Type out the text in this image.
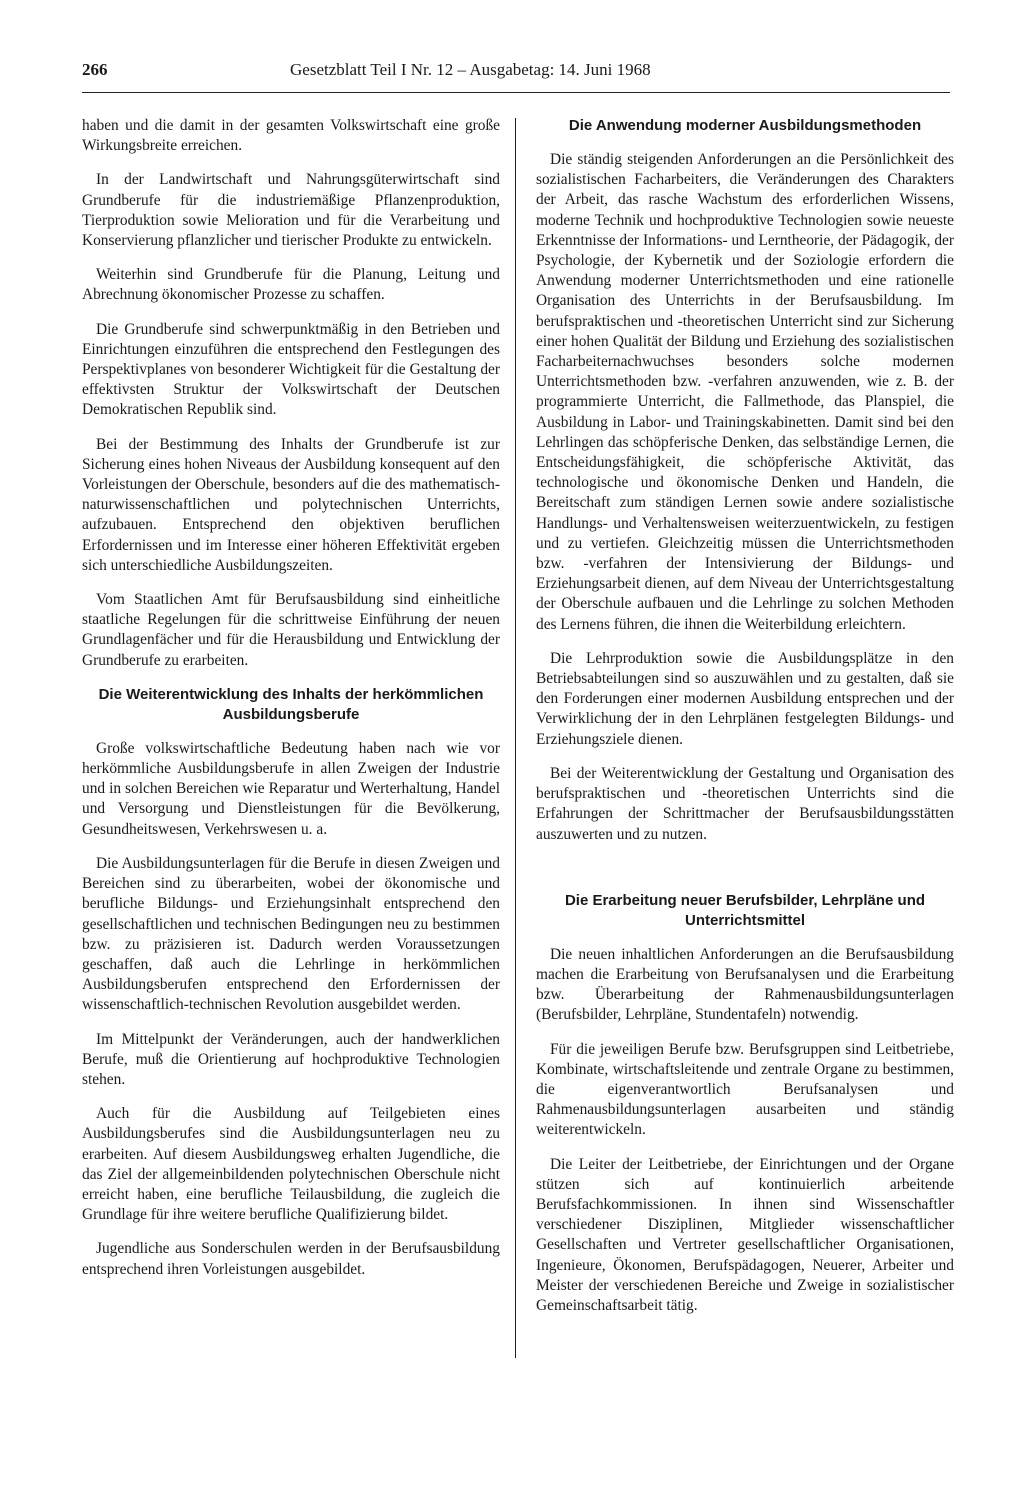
266	Gesetzblatt Teil I Nr. 12 – Ausgabetag: 14. Juni 1968

haben und die damit in der gesamten Volkswirtschaft eine große Wirkungsbreite erreichen.

In der Landwirtschaft und Nahrungsgüterwirtschaft sind Grundberufe für die industriemäßige Pflanzenproduktion, Tierproduktion sowie Melioration und für die Verarbeitung und Konservierung pflanzlicher und tierischer Produkte zu entwickeln.

Weiterhin sind Grundberufe für die Planung, Leitung und Abrechnung ökonomischer Prozesse zu schaffen.

Die Grundberufe sind schwerpunktmäßig in den Betrieben und Einrichtungen einzuführen die entsprechend den Festlegungen des Perspektivplanes von besonderer Wichtigkeit für die Gestaltung der effektivsten Struktur der Volkswirtschaft der Deutschen Demokratischen Republik sind.

Bei der Bestimmung des Inhalts der Grundberufe ist zur Sicherung eines hohen Niveaus der Ausbildung konsequent auf den Vorleistungen der Oberschule, besonders auf die des mathematisch-naturwissenschaftlichen und polytechnischen Unterrichts, aufzubauen. Entsprechend den objektiven beruflichen Erfordernissen und im Interesse einer höheren Effektivität ergeben sich unterschiedliche Ausbildungszeiten.

Vom Staatlichen Amt für Berufsausbildung sind einheitliche staatliche Regelungen für die schrittweise Einführung der neuen Grundlagenfächer und für die Herausbildung und Entwicklung der Grundberufe zu erarbeiten.

Die Weiterentwicklung des Inhalts der herkömmlichen Ausbildungsberufe

Große volkswirtschaftliche Bedeutung haben nach wie vor herkömmliche Ausbildungsberufe in allen Zweigen der Industrie und in solchen Bereichen wie Reparatur und Werterhaltung, Handel und Versorgung und Dienstleistungen für die Bevölkerung, Gesundheitswesen, Verkehrswesen u. a.

Die Ausbildungsunterlagen für die Berufe in diesen Zweigen und Bereichen sind zu überarbeiten, wobei der ökonomische und berufliche Bildungs- und Erziehungsinhalt entsprechend den gesellschaftlichen und technischen Bedingungen neu zu bestimmen bzw. zu präzisieren ist. Dadurch werden Voraussetzungen geschaffen, daß auch die Lehrlinge in herkömmlichen Ausbildungsberufen entsprechend den Erfordernissen der wissenschaftlich-technischen Revolution ausgebildet werden.

Im Mittelpunkt der Veränderungen, auch der handwerklichen Berufe, muß die Orientierung auf hochproduktive Technologien stehen.

Auch für die Ausbildung auf Teilgebieten eines Ausbildungsberufes sind die Ausbildungsunterlagen neu zu erarbeiten. Auf diesem Ausbildungsweg erhalten Jugendliche, die das Ziel der allgemeinbildenden polytechnischen Oberschule nicht erreicht haben, eine berufliche Teilausbildung, die zugleich die Grundlage für ihre weitere berufliche Qualifizierung bildet.

Jugendliche aus Sonderschulen werden in der Berufsausbildung entsprechend ihren Vorleistungen ausgebildet.

Die Anwendung moderner Ausbildungsmethoden

Die ständig steigenden Anforderungen an die Persönlichkeit des sozialistischen Facharbeiters, die Veränderungen des Charakters der Arbeit, das rasche Wachstum des erforderlichen Wissens, moderne Technik und hochproduktive Technologien sowie neueste Erkenntnisse der Informations- und Lerntheorie, der Pädagogik, der Psychologie, der Kybernetik und der Soziologie erfordern die Anwendung moderner Unterrichtsmethoden und eine rationelle Organisation des Unterrichts in der Berufsausbildung. Im berufspraktischen und -theoretischen Unterricht sind zur Sicherung einer hohen Qualität der Bildung und Erziehung des sozialistischen Facharbeiternachwuchses besonders solche modernen Unterrichtsmethoden bzw. -verfahren anzuwenden, wie z. B. der programmierte Unterricht, die Fallmethode, das Planspiel, die Ausbildung in Labor- und Trainingskabinetten. Damit sind bei den Lehrlingen das schöpferische Denken, das selbständige Lernen, die Entscheidungsfähigkeit, die schöpferische Aktivität, das technologische und ökonomische Denken und Handeln, die Bereitschaft zum ständigen Lernen sowie andere sozialistische Handlungs- und Verhaltensweisen weiterzuentwickeln, zu festigen und zu vertiefen. Gleichzeitig müssen die Unterrichtsmethoden bzw. -verfahren der Intensivierung der Bildungs- und Erziehungsarbeit dienen, auf dem Niveau der Unterrichtsgestaltung der Oberschule aufbauen und die Lehrlinge zu solchen Methoden des Lernens führen, die ihnen die Weiterbildung erleichtern.

Die Lehrproduktion sowie die Ausbildungsplätze in den Betriebsabteilungen sind so auszuwählen und zu gestalten, daß sie den Forderungen einer modernen Ausbildung entsprechen und der Verwirklichung der in den Lehrplänen festgelegten Bildungs- und Erziehungsziele dienen.

Bei der Weiterentwicklung der Gestaltung und Organisation des berufspraktischen und -theoretischen Unterrichts sind die Erfahrungen der Schrittmacher der Berufsausbildungsstätten auszuwerten und zu nutzen.

Die Erarbeitung neuer Berufsbilder, Lehrpläne und Unterrichtsmittel

Die neuen inhaltlichen Anforderungen an die Berufsausbildung machen die Erarbeitung von Berufsanalysen und die Erarbeitung bzw. Überarbeitung der Rahmenausbildungsunterlagen (Berufsbilder, Lehrpläne, Stundentafeln) notwendig.

Für die jeweiligen Berufe bzw. Berufsgruppen sind Leitbetriebe, Kombinate, wirtschaftsleitende und zentrale Organe zu bestimmen, die eigenverantwortlich Berufsanalysen und Rahmenausbildungsunterlagen ausarbeiten und ständig weiterentwickeln.

Die Leiter der Leitbetriebe, der Einrichtungen und der Organe stützen sich auf kontinuierlich arbeitende Berufsfachkommissionen. In ihnen sind Wissenschaftler verschiedener Disziplinen, Mitglieder wissenschaftlicher Gesellschaften und Vertreter gesellschaftlicher Organisationen, Ingenieure, Ökonomen, Berufspädagogen, Neuerer, Arbeiter und Meister der verschiedenen Bereiche und Zweige in sozialistischer Gemeinschaftsarbeit tätig.
